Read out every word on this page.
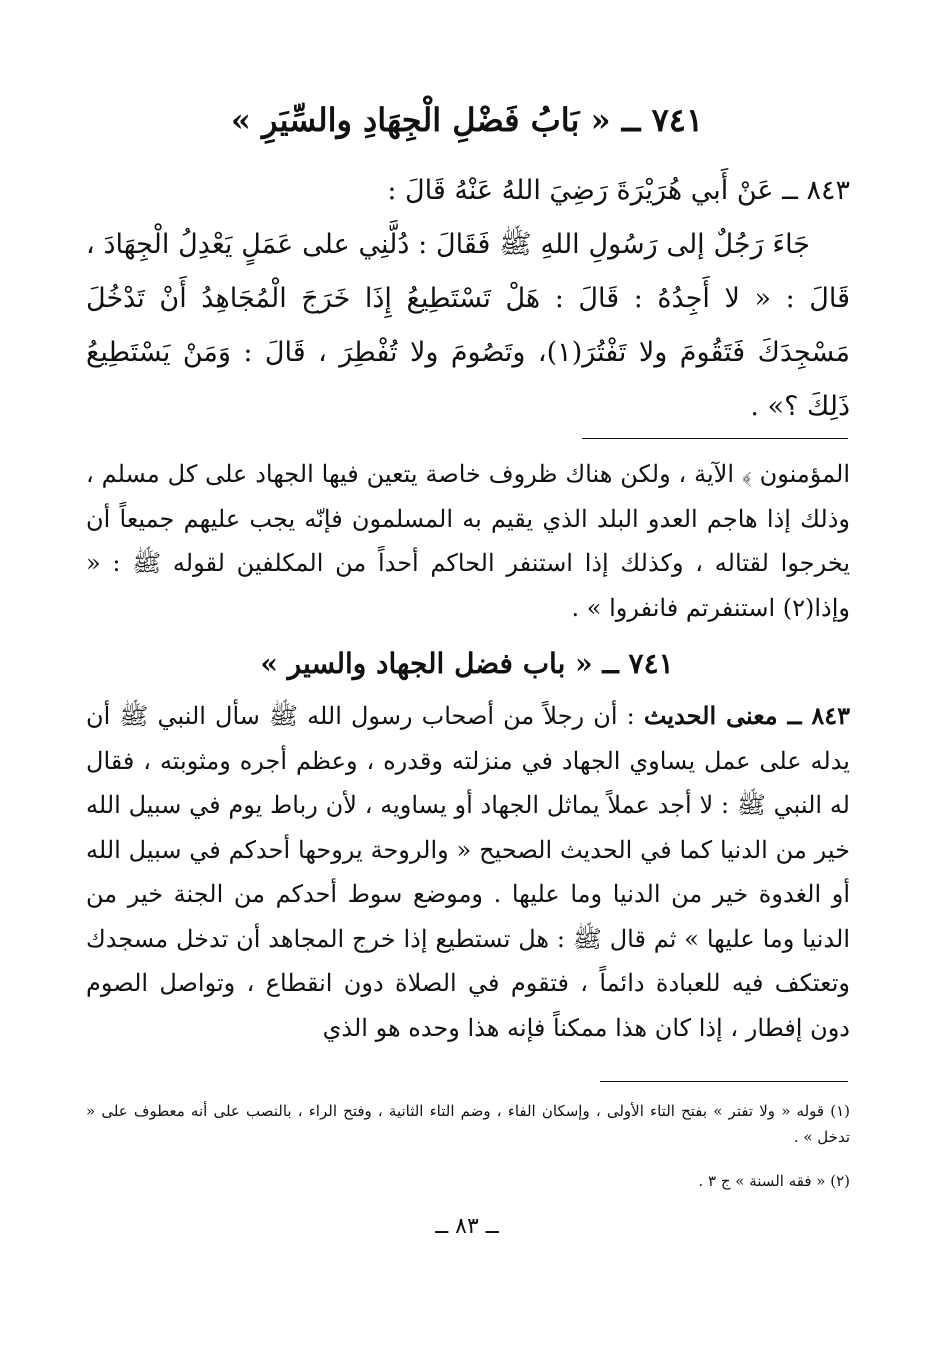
٧٤١ ــ « بَابُ فَضْلِ الْجِهَادِ والسِّيَرِ »
٨٤٣ ــ عَنْ أَبي هُرَيْرَةَ رَضِيَ اللهُ عَنْهُ قَالَ :
جَاءَ رَجُلٌ إلى رَسُولِ اللهِ ﷺ فَقَالَ : دُلَّنِي على عَمَلٍ يَعْدِلُ الْجِهَادَ ، قَالَ : « لا أَجِدُهُ : قَالَ : هَلْ تَسْتَطِيعُ إِذَا خَرَجَ الْمُجَاهِدُ أَنْ تَدْخُلَ مَسْجِدَكَ فَتَقُومَ ولا تَفْتُرَ(١)، وتَصُومَ ولا تُفْطِرَ ، قَالَ : وَمَنْ يَسْتَطِيعُ ذَلِكَ ؟» .
المؤمنون ﴾ الآية ، ولكن هناك ظروف خاصة يتعين فيها الجهاد على كل مسلم ، وذلك إذا هاجم العدو البلد الذي يقيم به المسلمون فإنّه يجب عليهم جميعاً أن يخرجوا لقتاله ، وكذلك إذا استنفر الحاكم أحداً من المكلفين لقوله ﷺ : « وإذا(٢) استنفرتم فانفروا » .
٧٤١ ــ « باب فضل الجهاد والسير »
٨٤٣ ــ معنى الحديث : أن رجلاً من أصحاب رسول الله ﷺ سأل النبي ﷺ أن يدله على عمل يساوي الجهاد في منزلته وقدره ، وعظم أجره ومثوبته ، فقال له النبي ﷺ : لا أجد عملاً يماثل الجهاد أو يساويه ، لأن رباط يوم في سبيل الله خير من الدنيا كما في الحديث الصحيح « والروحة يروحها أحدكم في سبيل الله أو الغدوة خير من الدنيا وما عليها . وموضع سوط أحدكم من الجنة خير من الدنيا وما عليها » ثم قال ﷺ : هل تستطيع إذا خرج المجاهد أن تدخل مسجدك وتعتكف فيه للعبادة دائماً ، فتقوم في الصلاة دون انقطاع ، وتواصل الصوم دون إفطار ، إذا كان هذا ممكناً فإنه هذا وحده هو الذي
(١) قوله « ولا تفتر » بفتح التاء الأولى ، وإسكان الفاء ، وضم التاء الثانية ، وفتح الراء ، بالنصب على أنه معطوف على « تدخل » .
(٢) « فقه السنة » ج ٣ .
ــ ٨٣ ــ
